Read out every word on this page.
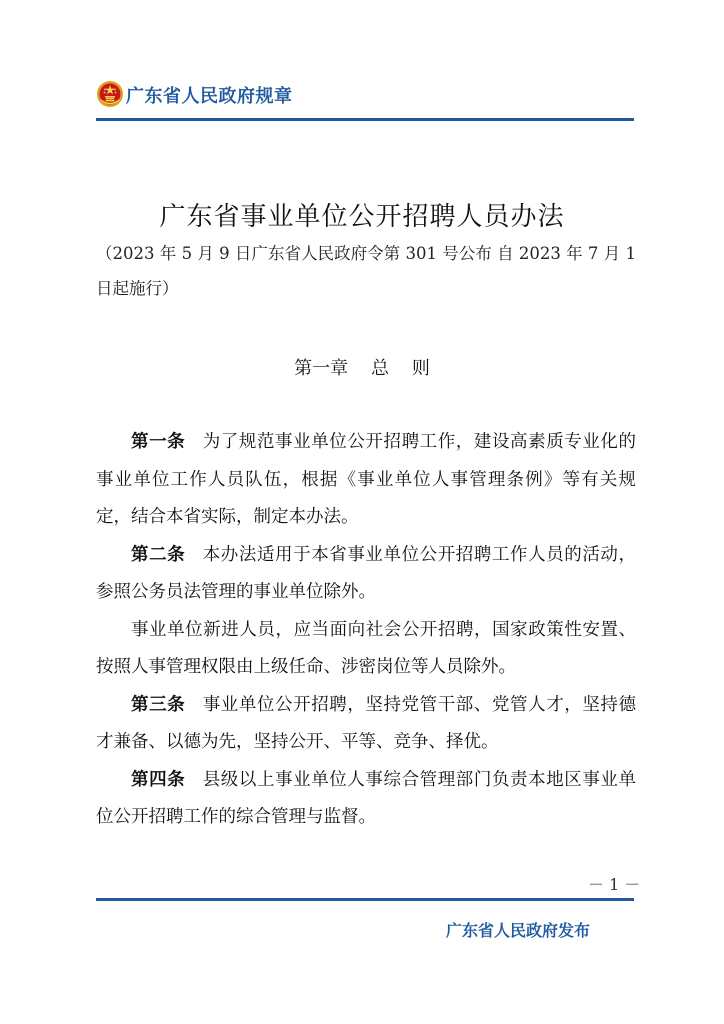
广东省人民政府规章
广东省事业单位公开招聘人员办法
（2023 年 5 月 9 日广东省人民政府令第 301 号公布 自 2023 年 7 月 1 日起施行）
第一章    总    则

第一条 为了规范事业单位公开招聘工作，建设高素质专业化的事业单位工作人员队伍，根据《事业单位人事管理条例》等有关规定，结合本省实际，制定本办法。

第二条 本办法适用于本省事业单位公开招聘工作人员的活动，参照公务员法管理的事业单位除外。

事业单位新进人员，应当面向社会公开招聘，国家政策性安置、按照人事管理权限由上级任命、涉密岗位等人员除外。

第三条 事业单位公开招聘，坚持党管干部、党管人才，坚持德才兼备、以德为先，坚持公开、平等、竞争、择优。

第四条 县级以上事业单位人事综合管理部门负责本地区事业单位公开招聘工作的综合管理与监督。

－ 1 －
广东省人民政府发布
